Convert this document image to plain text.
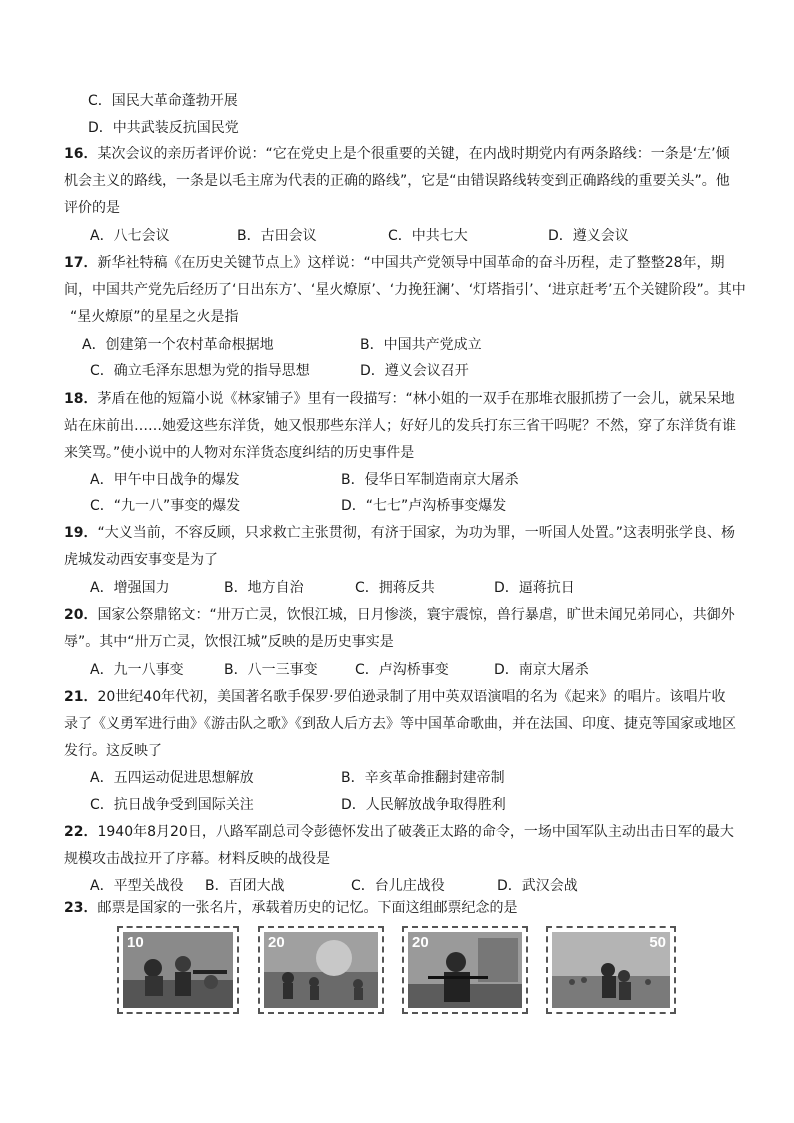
C．国民大革命蓬勃开展
D．中共武装反抗国民党
16．某次会议的亲历者评价说：“它在党史上是个很重要的关键，在内战时期党内有两条路线：一条是‘左’倾
机会主义的路线，一条是以毛主席为代表的正确的路线”，它是“由错误路线转变到正确路线的重要关头”。他
评价的是
A．八七会议	B．古田会议	C．中共七大	D．遵义会议
17．新华社特稿《在历史关键节点上》这样说：“中国共产党领导中国革命的奋斗历程，走了整整28年，期
间，中国共产党先后经历了‘日出东方’、‘星火燎原’、‘力挽狂澜’、‘灯塔指引’、‘进京赶考’五个关键阶段”。其中
“星火燎原”的星星之火是指
A．创建第一个农村革命根据地	B．中国共产党成立
C．确立毛泽东思想为党的指导思想	D．遵义会议召开
18．茅盾在他的短篇小说《林家铺子》里有一段描写：“林小姐的一双手在那堆衣服抓捞了一会儿，就呆呆地
站在床前出……她爱这些东洋货，她又恨那些东洋人；好好儿的发兵打东三省干吗呢？不然，穿了东洋货有谁
来笑骂。”使小说中的人物对东洋货态度纠结的历史事件是
A．甲午中日战争的爆发	B．侵华日军制造南京大屠杀
C．“九一八”事变的爆发	D．“七七”卢沟桥事变爆发
19．“大义当前，不容反顾，只求救亡主张贯彻，有济于国家，为功为罪，一听国人处置。”这表明张学良、杨
虎城发动西安事变是为了
A．增强国力	B．地方自治	C．拥蒋反共	D．逼蒋抗日
20．国家公祭鼎铭文：“卅万亡灵，饮恨江城，日月惨淡，寰宇震惊，兽行暴虐，旷世未闻兄弟同心，共御外
辱”。其中“卅万亡灵，饮恨江城”反映的是历史事实是
A．九一八事变	B．八一三事变	C．卢沟桥事变	D．南京大屠杀
21．20世纪40年代初，美国著名歌手保罗·罗伯逊录制了用中英双语演唱的名为《起来》的唱片。该唱片收
录了《义勇军进行曲》《游击队之歌》《到敌人后方去》等中国革命歌曲，并在法国、印度、捷克等国家或地区
发行。这反映了
A．五四运动促进思想解放	B．辛亥革命推翻封建帝制
C．抗日战争受到国际关注	D．人民解放战争取得胜利
22．1940年8月20日，八路军副总司令彭德怀发出了破袭正太路的命令，一场中国军队主动出击日军的最大
规模攻击战拉开了序幕。材料反映的战役是
A．平型关战役 B．百团大战	C．台儿庄战役	D．武汉会战
23．邮票是国家的一张名片，承载着历史的记忆。下面这组邮票纪念的是
10	20	20	50
